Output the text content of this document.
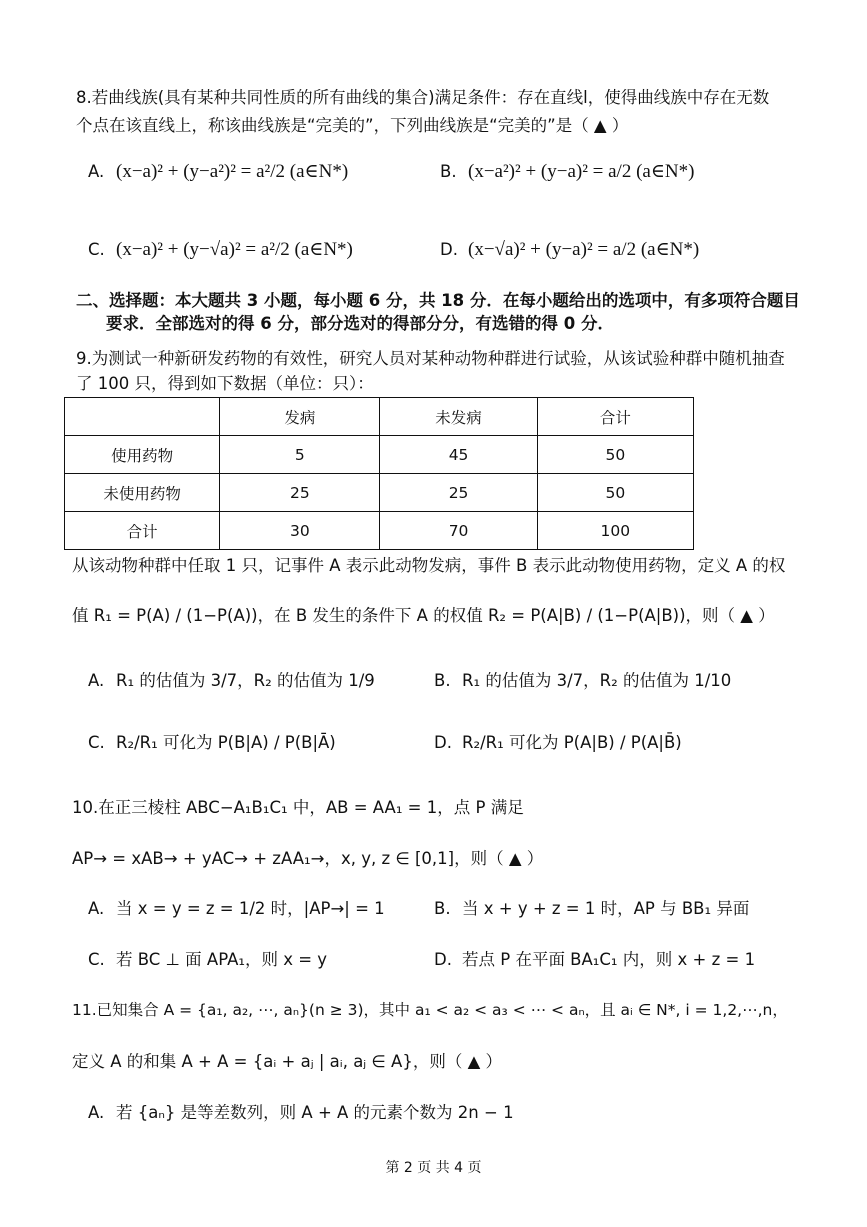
8.若曲线族(具有某种共同性质的所有曲线的集合)满足条件：存在直线l，使得曲线族中存在无数
个点在该直线上，称该曲线族是“完美的”，下列曲线族是“完美的”是（ ▲ ）
A. (x−a)² + (y−a²)² = a²/2 (a∈N*)	B. (x−a²)² + (y−a)² = a/2 (a∈N*)
C. (x−a)² + (y−√a)² = a²/2 (a∈N*)	D. (x−√a)² + (y−a)² = a/2 (a∈N*)
二、选择题：本大题共 3 小题，每小题 6 分，共 18 分．在每小题给出的选项中，有多项符合题目
要求．全部选对的得 6 分，部分选对的得部分分，有选错的得 0 分．
9.为测试一种新研发药物的有效性，研究人员对某种动物种群进行试验，从该试验种群中随机抽查
了 100 只，得到如下数据（单位：只）：
	发病	未发病	合计
使用药物	5	45	50
未使用药物	25	25	50
合计	30	70	100
从该动物种群中任取 1 只，记事件 A 表示此动物发病，事件 B 表示此动物使用药物，定义 A 的权
值 R₁ = P(A) / (1−P(A))，在 B 发生的条件下 A 的权值 R₂ = P(A|B) / (1−P(A|B))，则（ ▲ ）
A. R₁ 的估值为 3/7，R₂ 的估值为 1/9	B. R₁ 的估值为 3/7，R₂ 的估值为 1/10
C. R₂/R₁ 可化为 P(B|A) / P(B|Ā)	D. R₂/R₁ 可化为 P(A|B) / P(A|B̄)
10.在正三棱柱 ABC−A₁B₁C₁ 中，AB = AA₁ = 1，点 P 满足
AP→ = xAB→ + yAC→ + zAA₁→，x, y, z ∈ [0,1]，则（ ▲ ）
A. 当 x = y = z = 1/2 时，|AP→| = 1	B. 当 x + y + z = 1 时，AP 与 BB₁ 异面
C. 若 BC ⊥ 面 APA₁，则 x = y	D. 若点 P 在平面 BA₁C₁ 内，则 x + z = 1
11.已知集合 A = {a₁, a₂, ⋯, aₙ}(n ≥ 3)，其中 a₁ < a₂ < a₃ < ⋯ < aₙ，且 aᵢ ∈ N*, i = 1,2,⋯,n，
定义 A 的和集 A + A = {aᵢ + aⱼ | aᵢ, aⱼ ∈ A}，则（ ▲ ）
A. 若 {aₙ} 是等差数列，则 A + A 的元素个数为 2n − 1
第 2 页 共 4 页
